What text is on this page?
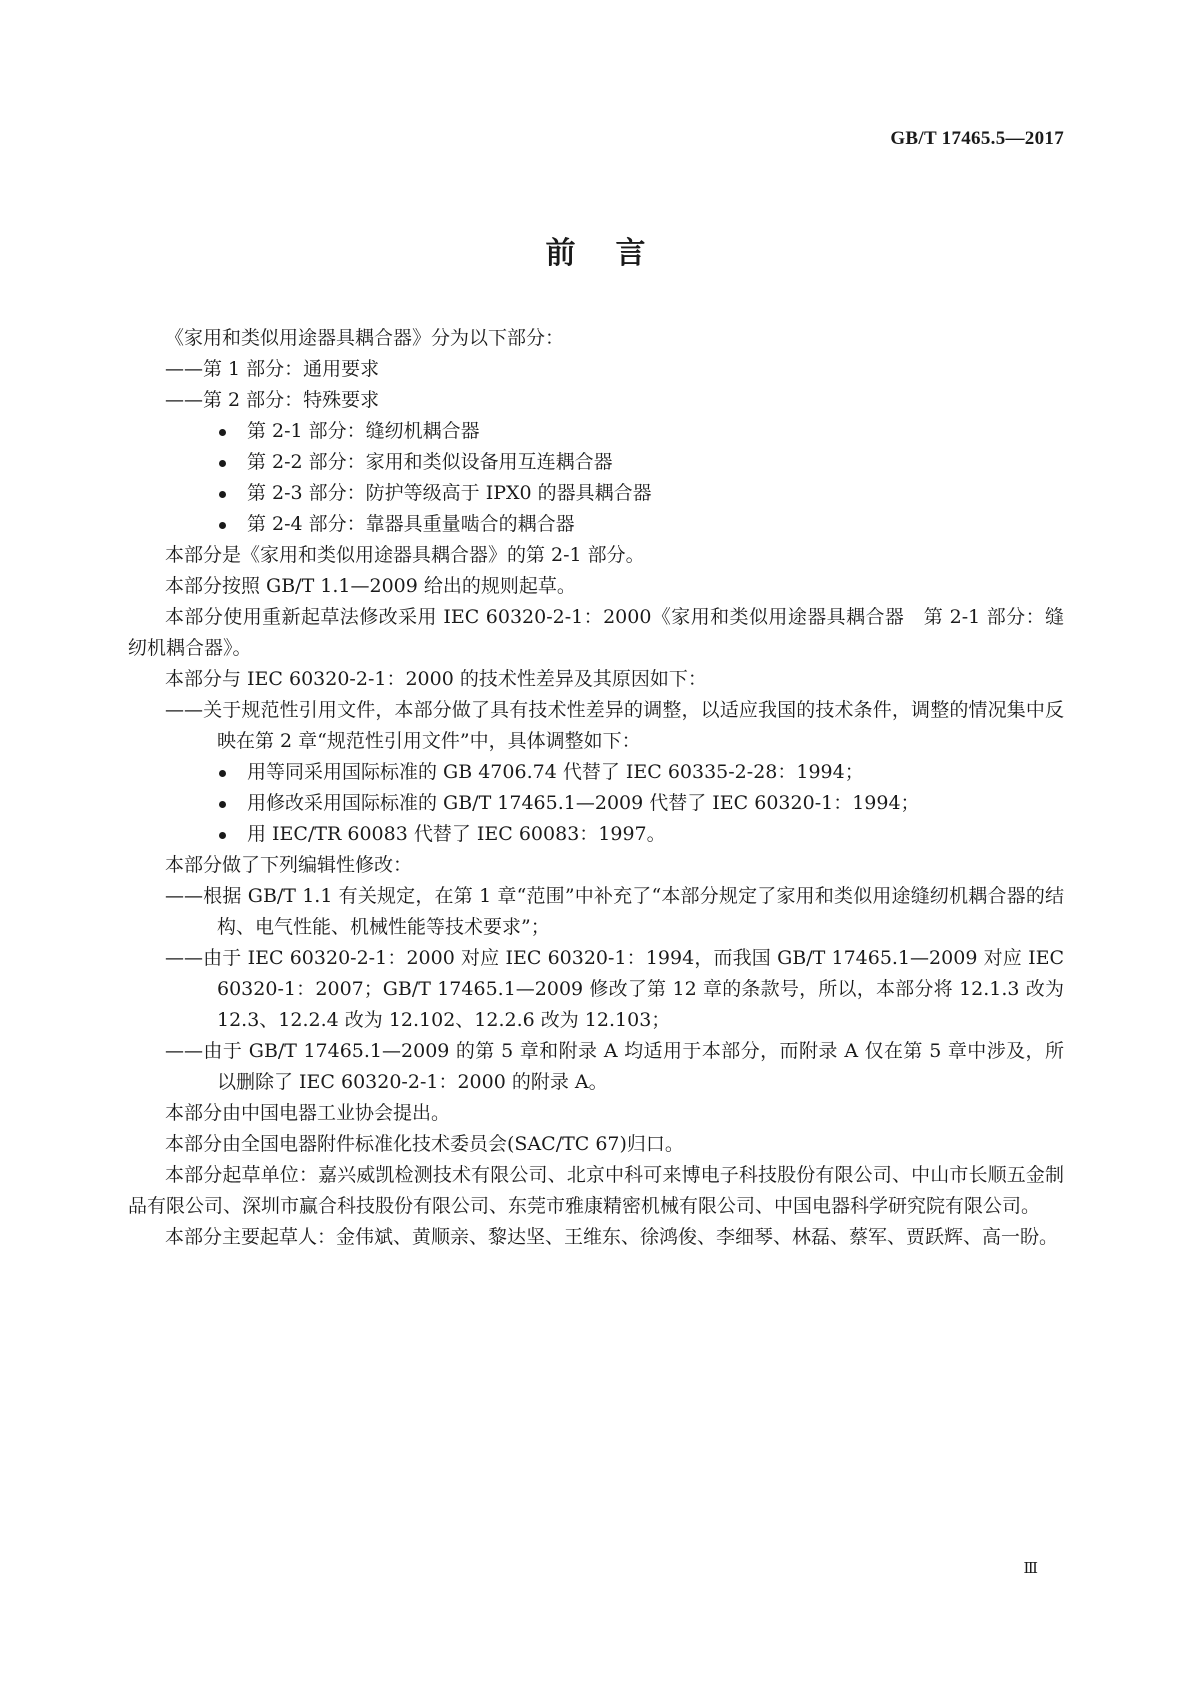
GB/T 17465.5—2017
前言

《家用和类似用途器具耦合器》分为以下部分：

——第 1 部分：通用要求

——第 2 部分：特殊要求

第 2-1 部分：缝纫机耦合器

第 2-2 部分：家用和类似设备用互连耦合器

第 2-3 部分：防护等级高于 IPX0 的器具耦合器

第 2-4 部分：靠器具重量啮合的耦合器

本部分是《家用和类似用途器具耦合器》的第 2-1 部分。

本部分按照 GB/T 1.1—2009 给出的规则起草。

本部分使用重新起草法修改采用 IEC 60320-2-1：2000《家用和类似用途器具耦合器　第 2-1 部分：缝纫机耦合器》。

本部分与 IEC 60320-2-1：2000 的技术性差异及其原因如下：

——关于规范性引用文件，本部分做了具有技术性差异的调整，以适应我国的技术条件，调整的情况集中反映在第 2 章“规范性引用文件”中，具体调整如下：

用等同采用国际标准的 GB 4706.74 代替了 IEC 60335-2-28：1994；

用修改采用国际标准的 GB/T 17465.1—2009 代替了 IEC 60320-1：1994；

用 IEC/TR 60083 代替了 IEC 60083：1997。

本部分做了下列编辑性修改：

——根据 GB/T 1.1 有关规定，在第 1 章“范围”中补充了“本部分规定了家用和类似用途缝纫机耦合器的结构、电气性能、机械性能等技术要求”；

——由于 IEC 60320-2-1：2000 对应 IEC 60320-1：1994，而我国 GB/T 17465.1—2009 对应 IEC 60320-1：2007；GB/T 17465.1—2009 修改了第 12 章的条款号，所以，本部分将 12.1.3 改为 12.3、12.2.4 改为 12.102、12.2.6 改为 12.103；

——由于 GB/T 17465.1—2009 的第 5 章和附录 A 均适用于本部分，而附录 A 仅在第 5 章中涉及，所以删除了 IEC 60320-2-1：2000 的附录 A。

本部分由中国电器工业协会提出。

本部分由全国电器附件标准化技术委员会(SAC/TC 67)归口。

本部分起草单位：嘉兴威凯检测技术有限公司、北京中科可来博电子科技股份有限公司、中山市长顺五金制品有限公司、深圳市赢合科技股份有限公司、东莞市雅康精密机械有限公司、中国电器科学研究院有限公司。

本部分主要起草人：金伟斌、黄顺亲、黎达坚、王维东、徐鸿俊、李细琴、林磊、蔡军、贾跃辉、高一盼。

Ⅲ
